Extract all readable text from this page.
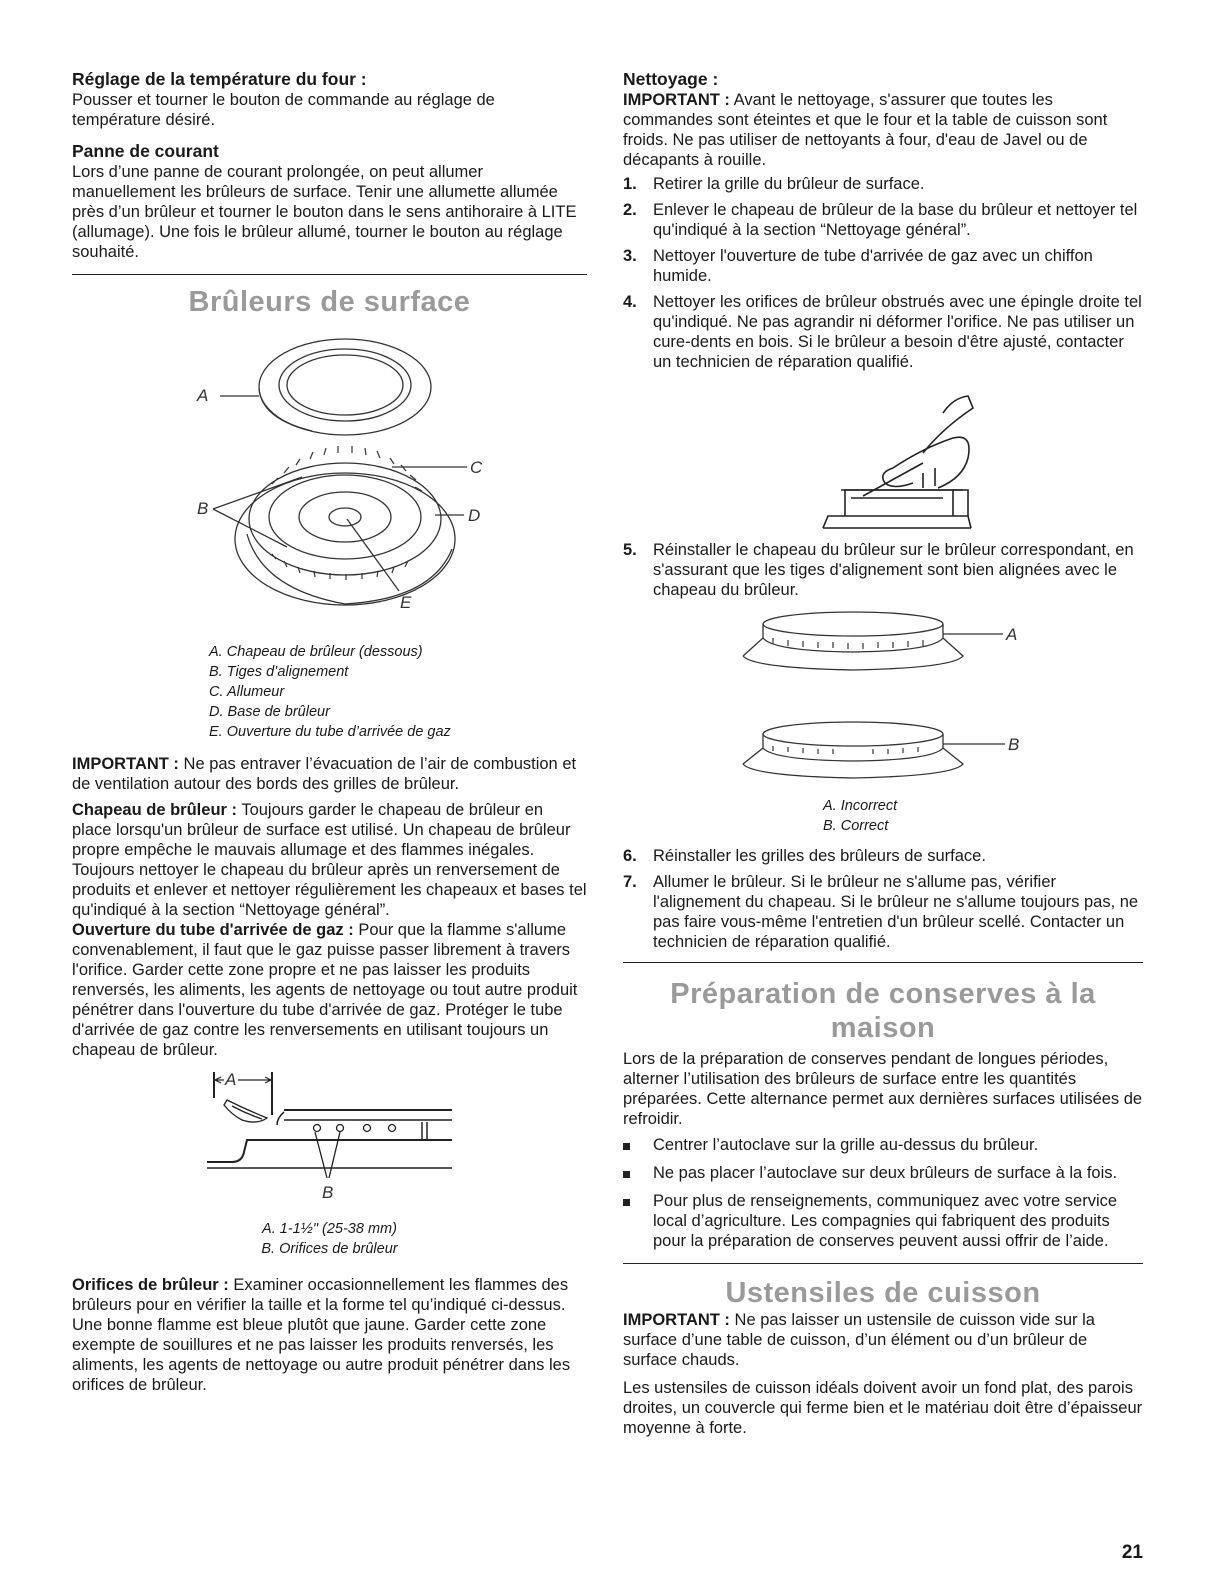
Réglage de la température du four :

Pousser et tourner le bouton de commande au réglage de température désiré.

Panne de courant

Lors d’une panne de courant prolongée, on peut allumer manuellement les brûleurs de surface. Tenir une allumette allumée près d’un brûleur et tourner le bouton dans le sens antihoraire à LITE (allumage). Une fois le brûleur allumé, tourner le bouton au réglage souhaité.

Brûleurs de surface
A
B
C
D
E

A. Chapeau de brûleur (dessous)

B. Tiges d’alignement

C. Allumeur

D. Base de brûleur

E. Ouverture du tube d’arrivée de gaz

IMPORTANT : Ne pas entraver l’évacuation de l’air de combustion et de ventilation autour des bords des grilles de brûleur.

Chapeau de brûleur : Toujours garder le chapeau de brûleur en place lorsqu'un brûleur de surface est utilisé. Un chapeau de brûleur propre empêche le mauvais allumage et des flammes inégales. Toujours nettoyer le chapeau du brûleur après un renversement de produits et enlever et nettoyer régulièrement les chapeaux et bases tel qu'indiqué à la section “Nettoyage général”.

Ouverture du tube d'arrivée de gaz : Pour que la flamme s'allume convenablement, il faut que le gaz puisse passer librement à travers l'orifice. Garder cette zone propre et ne pas laisser les produits renversés, les aliments, les agents de nettoyage ou tout autre produit pénétrer dans l'ouverture du tube d'arrivée de gaz. Protéger le tube d'arrivée de gaz contre les renversements en utilisant toujours un chapeau de brûleur.

A
B

A. 1-1½" (25-38 mm)

B. Orifices de brûleur

Orifices de brûleur : Examiner occasionnellement les flammes des brûleurs pour en vérifier la taille et la forme tel qu’indiqué ci-dessus. Une bonne flamme est bleue plutôt que jaune. Garder cette zone exempte de souillures et ne pas laisser les produits renversés, les aliments, les agents de nettoyage ou autre produit pénétrer dans les orifices de brûleur.

Nettoyage :

IMPORTANT : Avant le nettoyage, s'assurer que toutes les commandes sont éteintes et que le four et la table de cuisson sont froids. Ne pas utiliser de nettoyants à four, d'eau de Javel ou de décapants à rouille.

1. Retirer la grille du brûleur de surface.
2. Enlever le chapeau de brûleur de la base du brûleur et nettoyer tel qu'indiqué à la section “Nettoyage général”.
3. Nettoyer l'ouverture de tube d'arrivée de gaz avec un chiffon humide.
4. Nettoyer les orifices de brûleur obstrués avec une épingle droite tel qu'indiqué. Ne pas agrandir ni déformer l'orifice. Ne pas utiliser un cure-dents en bois. Si le brûleur a besoin d'être ajusté, contacter un technicien de réparation qualifié.
5. Réinstaller le chapeau du brûleur sur le brûleur correspondant, en s'assurant que les tiges d'alignement sont bien alignées avec le chapeau du brûleur.
A
B

A. Incorrect

B. Correct

6. Réinstaller les grilles des brûleurs de surface.
7. Allumer le brûleur. Si le brûleur ne s'allume pas, vérifier l'alignement du chapeau. Si le brûleur ne s'allume toujours pas, ne pas faire vous-même l'entretien d'un brûleur scellé. Contacter un technicien de réparation qualifié.
Préparation de conserves à la maison

Lors de la préparation de conserves pendant de longues périodes, alterner l’utilisation des brûleurs de surface entre les quantités préparées. Cette alternance permet aux dernières surfaces utilisées de refroidir.

Centrer l’autoclave sur la grille au-dessus du brûleur.
Ne pas placer l’autoclave sur deux brûleurs de surface à la fois.
Pour plus de renseignements, communiquez avec votre service local d’agriculture. Les compagnies qui fabriquent des produits pour la préparation de conserves peuvent aussi offrir de l’aide.
Ustensiles de cuisson

IMPORTANT : Ne pas laisser un ustensile de cuisson vide sur la surface d’une table de cuisson, d’un élément ou d’un brûleur de surface chauds.

Les ustensiles de cuisson idéals doivent avoir un fond plat, des parois droites, un couvercle qui ferme bien et le matériau doit être d’épaisseur moyenne à forte.

21
